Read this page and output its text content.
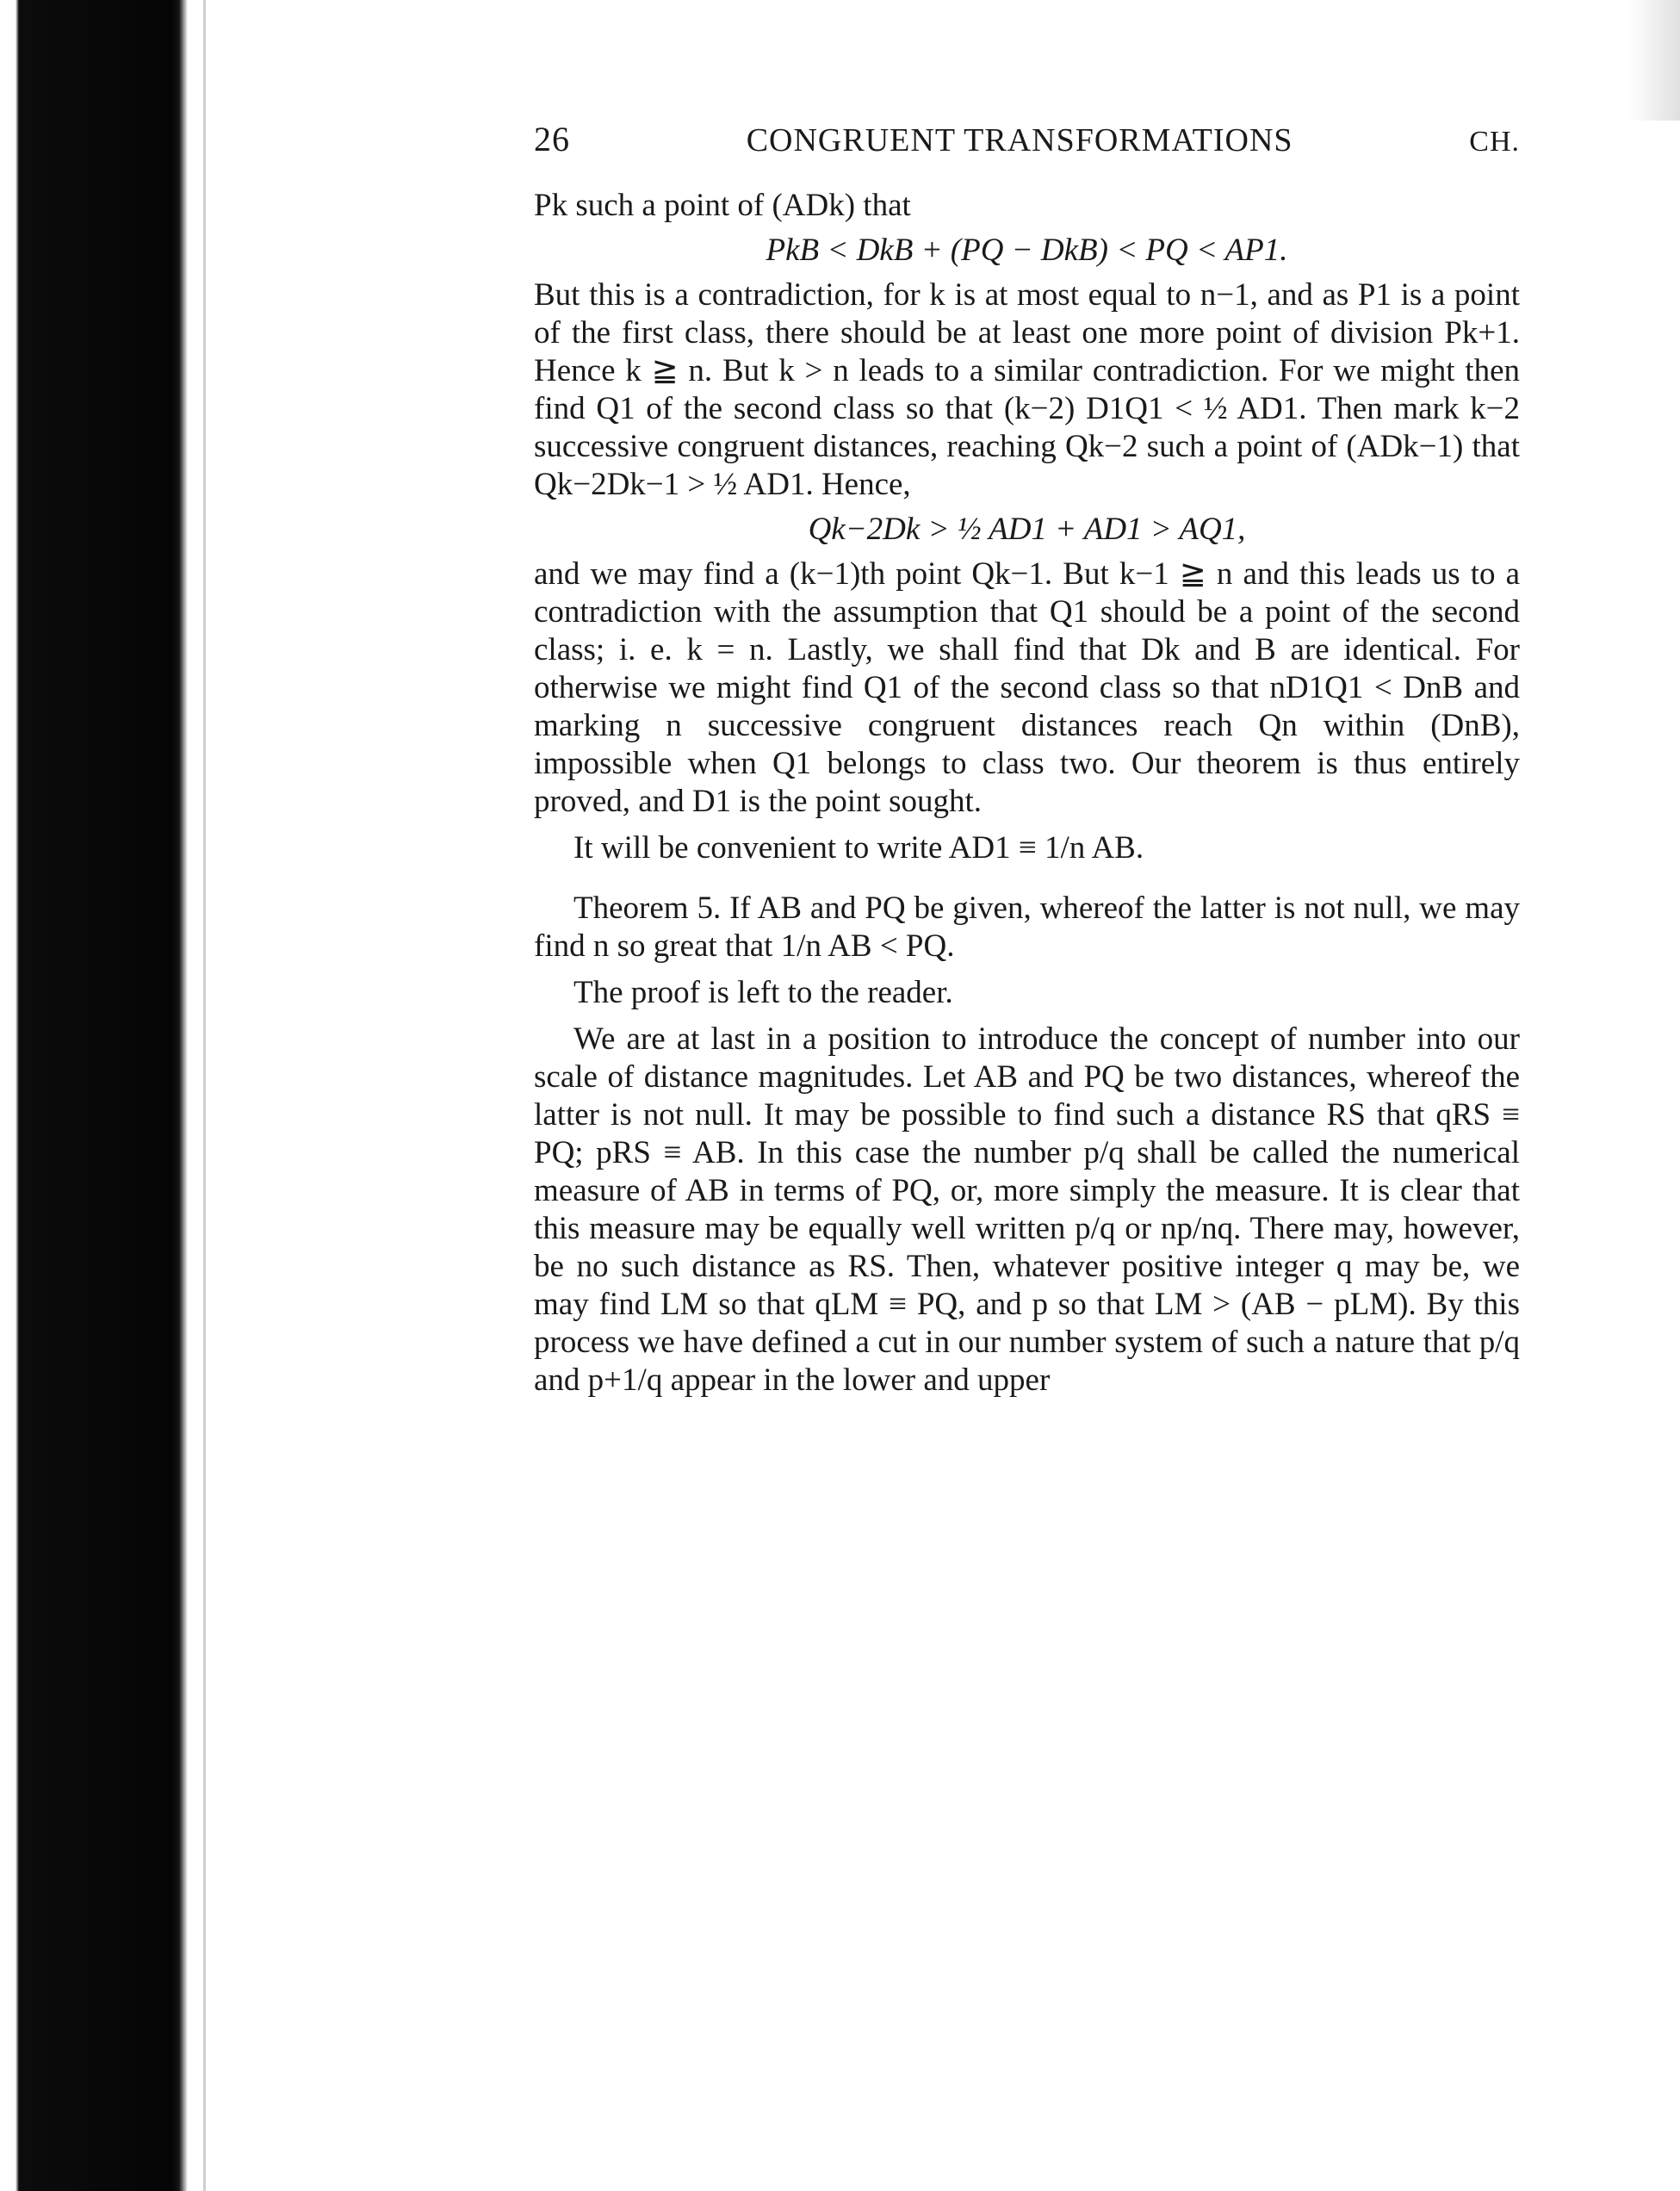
26	CONGRUENT TRANSFORMATIONS	CH.

Pk such a point of (ADk) that

PkB < DkB + (PQ − DkB) < PQ < AP1.

But this is a contradiction, for k is at most equal to n−1, and as P1 is a point of the first class, there should be at least one more point of division Pk+1. Hence k ≧ n. But k > n leads to a similar contradiction. For we might then find Q1 of the second class so that (k−2) D1Q1 < ½ AD1. Then mark k−2 successive congruent distances, reaching Qk−2 such a point of (ADk−1) that Qk−2Dk−1 > ½ AD1. Hence,

Qk−2Dk > ½ AD1 + AD1 > AQ1,

and we may find a (k−1)th point Qk−1. But k−1 ≧ n and this leads us to a contradiction with the assumption that Q1 should be a point of the second class; i. e. k = n. Lastly, we shall find that Dk and B are identical. For otherwise we might find Q1 of the second class so that nD1Q1 < DnB and marking n successive congruent distances reach Qn within (DnB), impossible when Q1 belongs to class two. Our theorem is thus entirely proved, and D1 is the point sought.

It will be convenient to write AD1 ≡ 1/n AB.

Theorem 5. If AB and PQ be given, whereof the latter is not null, we may find n so great that 1/n AB < PQ.

The proof is left to the reader.

We are at last in a position to introduce the concept of number into our scale of distance magnitudes. Let AB and PQ be two distances, whereof the latter is not null. It may be possible to find such a distance RS that qRS ≡ PQ; pRS ≡ AB. In this case the number p/q shall be called the numerical measure of AB in terms of PQ, or, more simply the measure. It is clear that this measure may be equally well written p/q or np/nq. There may, however, be no such distance as RS. Then, whatever positive integer q may be, we may find LM so that qLM ≡ PQ, and p so that LM > (AB − pLM). By this process we have defined a cut in our number system of such a nature that p/q and p+1/q appear in the lower and upper
